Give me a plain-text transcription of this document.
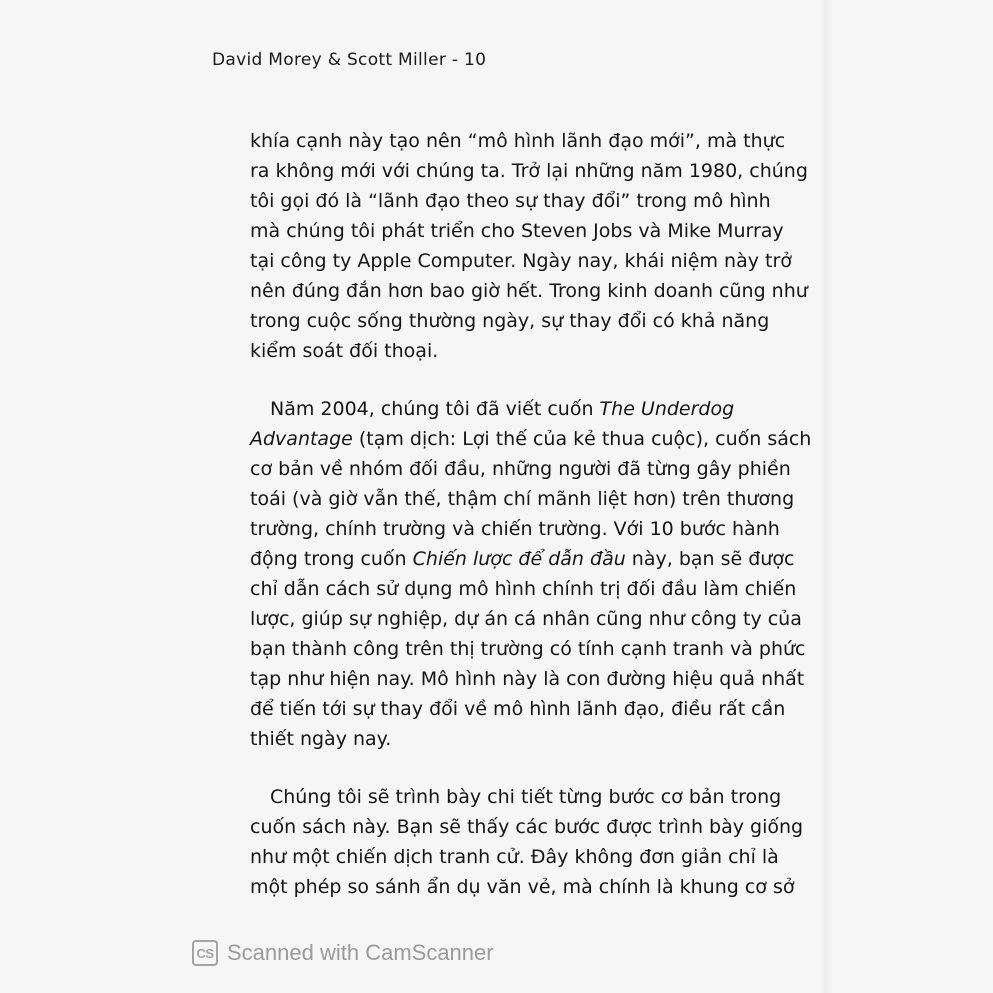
David Morey & Scott Miller - 10
khía cạnh này tạo nên “mô hình lãnh đạo mới”, mà thực
ra không mới với chúng ta. Trở lại những năm 1980, chúng
tôi gọi đó là “lãnh đạo theo sự thay đổi” trong mô hình
mà chúng tôi phát triển cho Steven Jobs và Mike Murray
tại công ty Apple Computer. Ngày nay, khái niệm này trở
nên đúng đắn hơn bao giờ hết. Trong kinh doanh cũng như
trong cuộc sống thường ngày, sự thay đổi có khả năng
kiểm soát đối thoại.
Năm 2004, chúng tôi đã viết cuốn The Underdog
Advantage (tạm dịch: Lợi thế của kẻ thua cuộc), cuốn sách
cơ bản về nhóm đối đầu, những người đã từng gây phiền
toái (và giờ vẫn thế, thậm chí mãnh liệt hơn) trên thương
trường, chính trường và chiến trường. Với 10 bước hành
động trong cuốn Chiến lược để dẫn đầu này, bạn sẽ được
chỉ dẫn cách sử dụng mô hình chính trị đối đầu làm chiến
lược, giúp sự nghiệp, dự án cá nhân cũng như công ty của
bạn thành công trên thị trường có tính cạnh tranh và phức
tạp như hiện nay. Mô hình này là con đường hiệu quả nhất
để tiến tới sự thay đổi về mô hình lãnh đạo, điều rất cần
thiết ngày nay.
Chúng tôi sẽ trình bày chi tiết từng bước cơ bản trong
cuốn sách này. Bạn sẽ thấy các bước được trình bày giống
như một chiến dịch tranh cử. Đây không đơn giản chỉ là
một phép so sánh ẩn dụ văn vẻ, mà chính là khung cơ sở
CS Scanned with CamScanner
